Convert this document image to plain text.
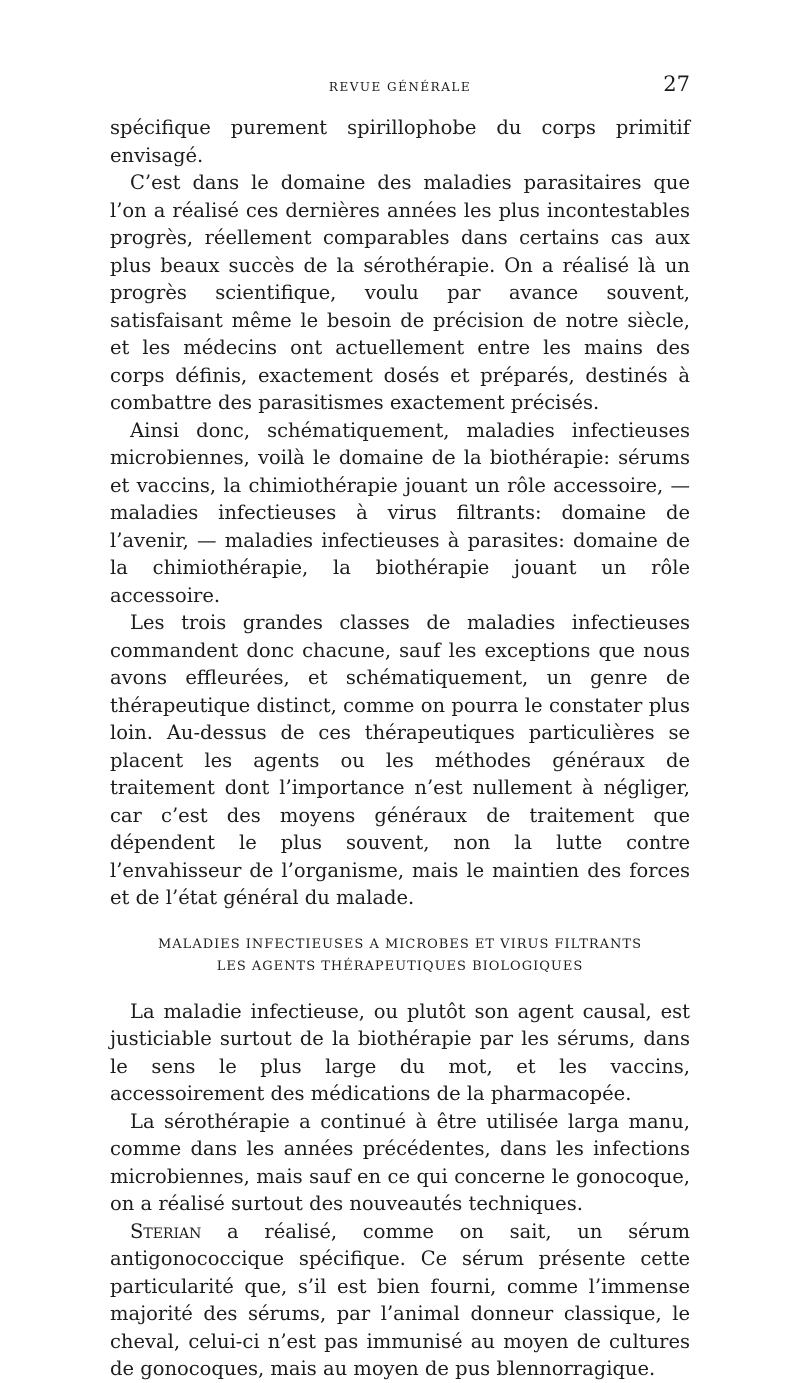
REVUE GÉNÉRALE	27

spécifique purement spirillophobe du corps primitif envisagé.

C’est dans le domaine des maladies parasitaires que l’on a réalisé ces dernières années les plus incontestables progrès, réellement comparables dans certains cas aux plus beaux succès de la sérothérapie. On a réalisé là un progrès scientifique, voulu par avance souvent, satisfaisant même le besoin de précision de notre siècle, et les médecins ont actuellement entre les mains des corps définis, exactement dosés et préparés, destinés à combattre des parasitismes exactement précisés.

Ainsi donc, schématiquement, maladies infectieuses microbiennes, voilà le domaine de la biothérapie: sérums et vaccins, la chimiothérapie jouant un rôle accessoire, — maladies infectieuses à virus filtrants: domaine de l’avenir, — maladies infectieuses à parasites: domaine de la chimiothérapie, la biothérapie jouant un rôle accessoire.

Les trois grandes classes de maladies infectieuses commandent donc chacune, sauf les exceptions que nous avons effleurées, et schématiquement, un genre de thérapeutique distinct, comme on pourra le constater plus loin. Au-dessus de ces thérapeutiques particulières se placent les agents ou les méthodes généraux de traitement dont l’importance n’est nullement à négliger, car c’est des moyens généraux de traitement que dépendent le plus souvent, non la lutte contre l’envahisseur de l’organisme, mais le maintien des forces et de l’état général du malade.

MALADIES INFECTIEUSES A MICROBES ET VIRUS FILTRANTS
LES AGENTS THÉRAPEUTIQUES BIOLOGIQUES

La maladie infectieuse, ou plutôt son agent causal, est justiciable surtout de la biothérapie par les sérums, dans le sens le plus large du mot, et les vaccins, accessoirement des médications de la pharmacopée.

La sérothérapie a continué à être utilisée larga manu, comme dans les années précédentes, dans les infections microbiennes, mais sauf en ce qui concerne le gonocoque, on a réalisé surtout des nouveautés techniques.

Sterian a réalisé, comme on sait, un sérum antigonococcique spécifique. Ce sérum présente cette particularité que, s’il est bien fourni, comme l’immense majorité des sérums, par l’animal donneur classique, le cheval, celui-ci n’est pas immunisé au moyen de cultures de gonocoques, mais au moyen de pus blennorragique.
